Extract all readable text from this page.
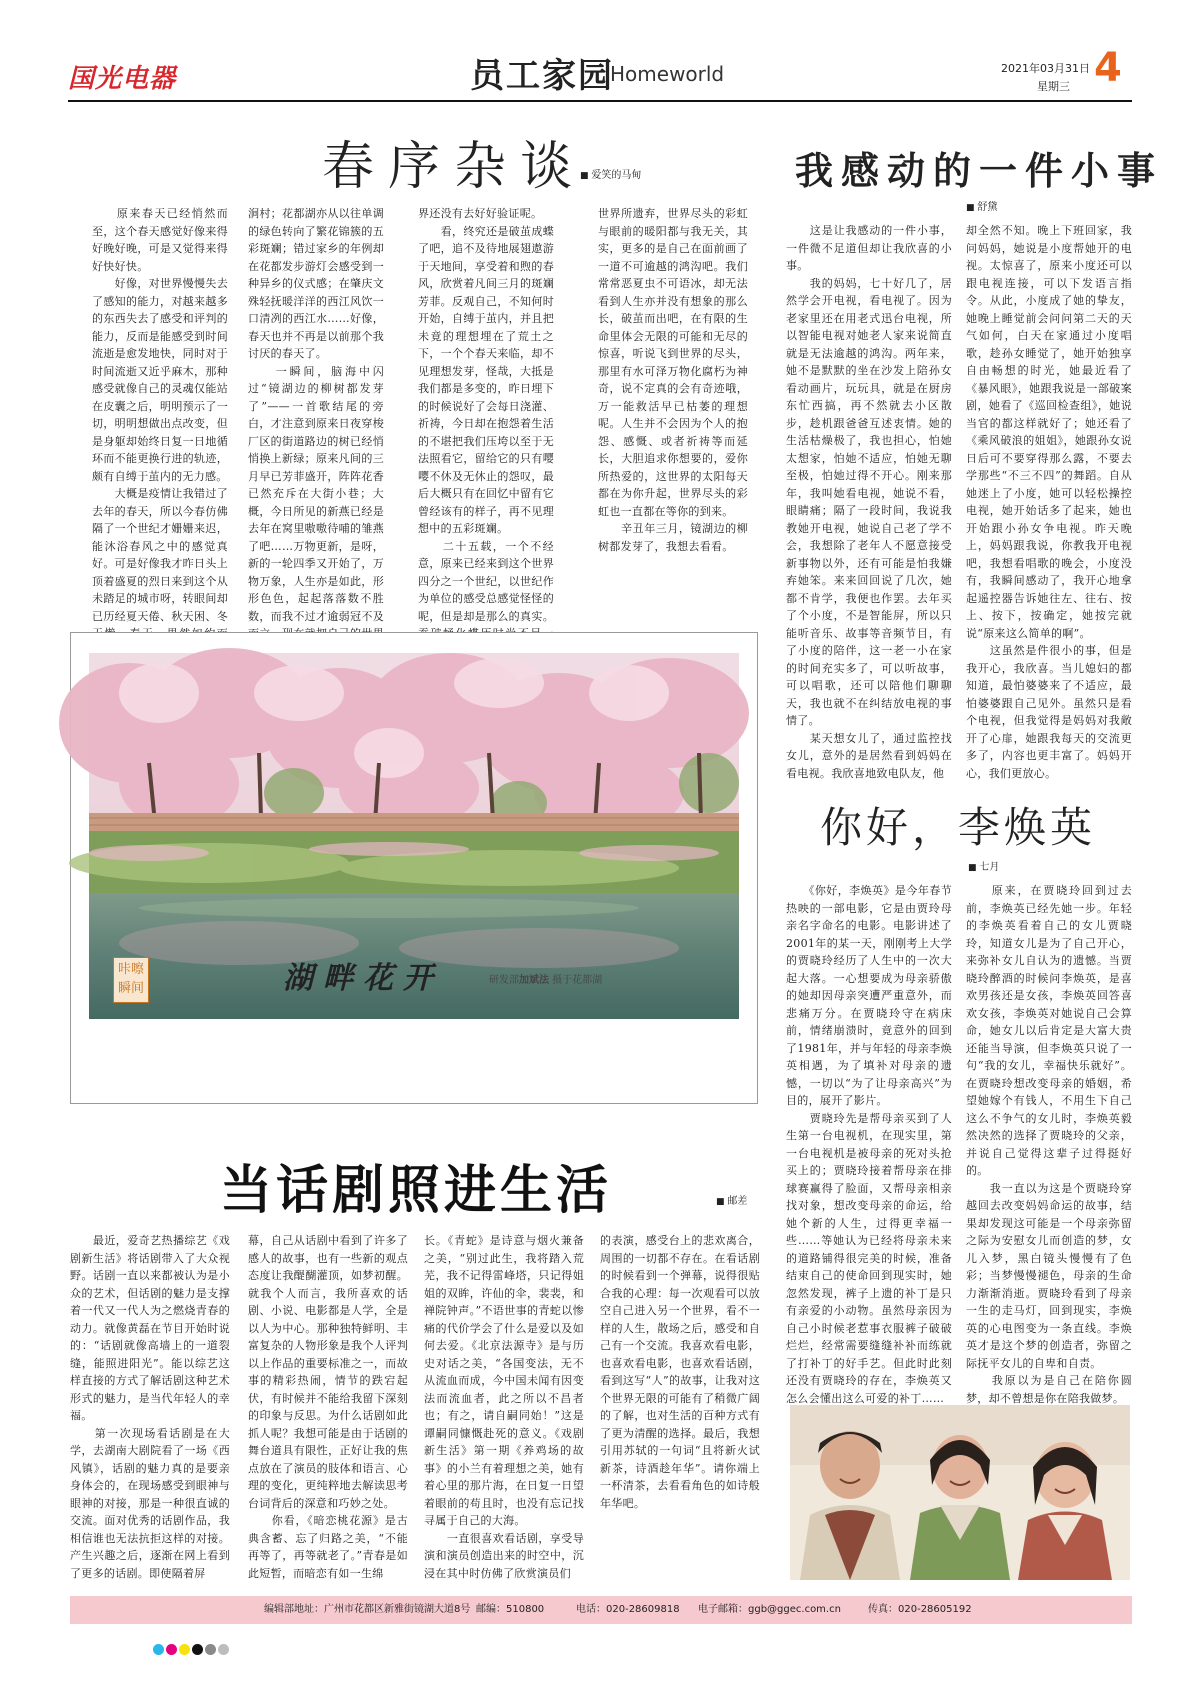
国光电器	员工家园
Homeworld	2021年03月31日
星期三 4
春序杂谈 ■ 爱笑的马甸
　　原来春天已经悄然而至，这个春天感觉好像来得好晚好晚，可是又觉得来得好快好快。
　　好像，对世界慢慢失去了感知的能力，对越来越多的东西失去了感受和评判的能力，反而是能感受到时间流逝是愈发地快，同时对于时间流逝又近乎麻木，那种感受就像自己的灵魂仅能站在皮囊之后，明明预示了一切，明明想做出点改变，但是身躯却始终日复一日地循环而不能更换行进的轨迹，颇有自缚于茧内的无力感。
　　大概是疫情让我错过了去年的春天，所以今春仿佛隔了一个世纪才姗姗来迟，能沐浴春风之中的感觉真好。可是好像我才昨日头上顶着盛夏的烈日来到这个从未踏足的城市呀，转眼间却已历经夏天倦、秋天困、冬
涧村；花都湖亦从以往单调的绿色转向了繁花锦簇的五彩斑斓；错过家乡的年例却在花都发步游灯会感受到一种异乡的仪式感；在肇庆文殊轻抚暖洋洋的西江风饮一口清冽的西江水……好像，春天也并不再是以前那个我讨厌的春天了。
　　一瞬间，脑海中闪过“镜湖边的柳树都发芽了”——一首歌结尾的旁白，才注意到原来日夜穿梭厂区的街道路边的树已经悄悄换上新绿；原来凡间的三月早已芳菲盛开，阵阵花香已然充斥在大街小巷；大概，今日所见的新燕已经是去年在窝里嗷嗷待哺的雏燕了吧……万物更新，是呀，新的一轮四季又开始了，万物万象，人生亦是如此，形形色色，起起落落数不胜数，而我不过才逾弱冠不及
界还没有去好好验证呢。
　　看，终究还是破茧成蝶了吧，追不及待地展翅遨游于天地间，享受着和煦的春风，欣赏着凡间三月的斑斓芳菲。反观自己，不知何时开始，自缚于茧内，并且把未竟的理想埋在了荒土之下，一个个春天来临，却不见理想发芽，怪哉，大抵是我们都是多变的，昨日埋下的时候说好了会每日浇灌、祈祷，今日却在抱怨着生活的不堪把我们压垮以至于无法照看它，留给它的只有嘤嘤不休及无休止的怨叹，最后大概只有在回忆中留有它曾经该有的样子，再不见理想中的五彩斑斓。
　　二十五载，一个不经意，原来已经来到这个世界四分之一个世纪，以世纪作为单位的感受总感觉怪怪的呢，但是却是那么的真实。
世界所遗弃，世界尽头的彩虹与眼前的暖阳都与我无关，其实，更多的是自己在面前画了一道不可逾越的鸿沟吧。我们常常恶夏虫不可语冰，却无法看到人生亦并没有想象的那么长，破茧而出吧，在有限的生命里体会无限的可能和无尽的惊喜，听说飞到世界的尽头，那里有水可泽万物化腐朽为神奇，说不定真的会有奇迹哦，万一能救活早已枯萎的理想呢。人生并不会因为个人的抱怨、感慨、或者祈祷等而延长，大胆追求你想要的，爱你所热爱的，这世界的太阳每天都在为你升起，世界尽头的彩虹也一直都在等你的到来。
　　辛丑年三月，镜湖边的柳树都发芽了，我想去看看。
我感动的一件小事
■ 舒黛
　　这是让我感动的一件小事，一件微不足道但却让我欣喜的小事。
　　我的妈妈，七十好几了，居然学会开电视，看电视了。因为老家里还在用老式迅台电视，所以智能电视对她老人家来说简直就是无法逾越的鸿沟。两年来，她不是默默的坐在沙发上陪孙女看动画片，玩玩具，就是在厨房东忙西搞，再不然就去小区散步，趁机跟爸爸互述衷情。她的生活枯燥极了，我也担心，怕她太想家，怕她不适应，怕她无聊至极，怕她过得不开心。刚来那年，我叫她看电视，她说不看，眼睛痛；隔了一段时间，我说我教她开电视，她说自己老了学不会，我想除了老年人不愿意接受新事物以外，还有可能是怕我嫌弃她笨。来来回回说了几次，她都不肯学，我便也作罢。去年买了个小度，不是智能屏，所以只能听音乐、故事等音频节目，有了小度的陪伴，这一老一小在家的时间充实多了，可以听故事，可以唱歌，还可以陪他们聊聊天，我也就不在纠结放电视的事情了。
　　某天想女儿了，通过监控找女儿，意外的是居然看到妈妈在看电视。我欣喜地致电队友，他
却全然不知。晚上下班回家，我问妈妈，她说是小度帮她开的电视。太惊喜了，原来小度还可以跟电视连接，可以下发语言指令。从此，小度成了她的挚友，她晚上睡觉前会问问第二天的天气如何，白天在家通过小度唱歌，趁孙女睡觉了，她开始独享自由畅想的时光，她最近看了《暴风眼》，她跟我说是一部破案剧，她看了《巡回检查组》，她说当官的都这样就好了；她还看了《乘风破浪的姐姐》，她跟孙女说日后可不要穿得那么露，不要去学那些“不三不四”的舞蹈。自从她迷上了小度，她可以轻松操控电视，她开始话多了起来，她也开始跟小孙女争电视。昨天晚上，妈妈跟我说，你教我开电视吧，我想看唱歌的晚会，小度没有，我瞬间感动了，我开心地拿起遥控器告诉她往左、往右、按上、按下，按确定，她按完就说“原来这么简单的啊”。
　　这虽然是件很小的事，但是我开心，我欣喜。当儿媳妇的都知道，最怕婆婆来了不适应，最怕婆婆跟自己见外。虽然只是看个电视，但我觉得是妈妈对我敞开了心扉，她跟我每天的交流更多了，内容也更丰富了。妈妈开心，我们更放心。
咔嚓
瞬间	湖畔花开	研发部加斌法 摄于花都湖
你好，李焕英
■ 七月
　　《你好，李焕英》是今年春节热映的一部电影，它是由贾玲母亲名字命名的电影。电影讲述了2001年的某一天，刚刚考上大学的贾晓玲经历了人生中的一次大起大落。一心想要成为母亲骄傲的她却因母亲突遭严重意外，而悲痛万分。在贾晓玲守在病床前，情绪崩溃时，竟意外的回到了1981年，并与年轻的母亲李焕英相遇，为了填补对母亲的遗憾，一切以“为了让母亲高兴”为目的，展开了影片。
　　贾晓玲先是帮母亲买到了人生第一台电视机，在现实里，第一台电视机是被母亲的死对头抢买上的；贾晓玲接着帮母亲在排球赛赢得了脸面，又帮母亲相亲找对象，想改变母亲的命运，给她个新的人生，过得更幸福一些……等她认为已经将母亲未来的道路铺得很完美的时候，准备结束自己的使命回到现实时，她忽然发现，裤子上遗的补丁是只有亲爱的小动物。虽然母亲因为自己小时候老惹事衣服裤子破破烂烂，经常需要缝缝补补而练就了打补丁的好手艺。但此时此刻还没有贾晓玲的存在，李焕英又怎么会懂出这么可爱的补丁……
　　原来，在贾晓玲回到过去前，李焕英已经先她一步。年轻的李焕英看着自己的女儿贾晓玲，知道女儿是为了自己开心，来弥补女儿自认为的遗憾。当贾晓玲醉酒的时候问李焕英，是喜欢男孩还是女孩，李焕英回答喜欢女孩，李焕英对她说自己会算命，她女儿以后肯定是大富大贵还能当导演，但李焕英只说了一句“我的女儿，幸福快乐就好”。在贾晓玲想改变母亲的婚姻，希望她嫁个有钱人，不用生下自己这么不争气的女儿时，李焕英毅然决然的选择了贾晓玲的父亲，并说自己觉得这辈子过得挺好的。
　　我一直以为这是个贾晓玲穿越回去改变妈妈命运的故事，结果却发现这可能是一个母亲弥留之际为安慰女儿而创造的梦，女儿入梦，黑白镜头慢慢有了色彩；当梦慢慢褪色，母亲的生命力渐渐消逝。贾晓玲看到了母亲一生的走马灯，回到现实，李焕英的心电图变为一条直线。李焕英才是这个梦的创造者，弥留之际抚平女儿的自卑和自责。
　　我原以为是自己在陪你圆梦，却不曾想是你在陪我做梦。
当话剧照进生活	■ 邮差
　　最近，爱奇艺热播综艺《戏剧新生活》将话剧带入了大众视野。话剧一直以来都被认为是小众的艺术，但话剧的魅力是支撑着一代又一代人为之燃烧青春的动力。就像黄磊在节目开始时说的：“话剧就像高墙上的一道裂缝，能照进阳光”。能以综艺这样直接的方式了解话剧这种艺术形式的魅力，是当代年轻人的幸福。
　　第一次现场看话剧是在大学，去湖南大剧院看了一场《西风镇》，话剧的魅力真的是要亲身体会的，在现场感受到眼神与眼神的对接，那是一种很直诚的交流。面对优秀的话剧作品，我相信谁也无法抗拒这样的对接。产生兴趣之后，逐渐在网上看到了更多的话剧。即使隔着屏
幕，自己从话剧中看到了许多了感人的故事，也有一些新的观点态度让我醍醐灌顶，如梦初醒。就我个人而言，我所喜欢的话剧、小说、电影都是人学，全是以人为中心。那种独特鲜明、丰富复杂的人物形象是我个人评判以上作品的重要标准之一，而故事的精彩热闹，情节的跌宕起伏，有时候并不能给我留下深刻的印象与反思。为什么话剧如此抓人呢？我想可能是由于话剧的舞台道具有限性，正好让我的焦点放在了演员的肢体和语言、心理的变化，更纯粹地去解读思考台词背后的深意和巧妙之处。
　　你看，《暗恋桃花源》是古典含蓄、忘了归路之美，“不能再等了，再等就老了。”青春是如此短暂，而暗恋有如一生绵
长。《青蛇》是诗意与烟火兼备之美，“别过此生，我将踏入荒芜，我不记得雷峰塔，只记得姐姐的双眸，许仙的伞，裴裴，和禅院钟声。”不语世事的青蛇以惨痛的代价学会了什么是爱以及如何去爱。《北京法源寺》是与历史对话之美，“各国变法，无不从流血而成，今中国未闻有因变法而流血者，此之所以不昌者也；有之，请自嗣同始！”这是谭嗣同慷慨赴死的意义。《戏剧新生活》第一期《养鸡场的故事》的小兰有着理想之美，她有着心里的那片海，在日复一日望着眼前的苟且时，也没有忘记找寻属于自己的大海。
　　一直很喜欢看话剧，享受导演和演员创造出来的时空中，沉浸在其中时仿佛了欣赏演员们
的表演，感受台上的悲欢离合，周围的一切都不存在。在看话剧的时候看到一个弹幕，说得很贴合我的心理：每一次观看可以放空自己进入另一个世界，看不一样的人生，散场之后，感受和自己有一个交流。我喜欢看电影，也喜欢看电影，也喜欢看话剧，看到这写“人”的故事，让我对这个世界无限的可能有了稍微广阔的了解，也对生活的百种方式有了更为清醒的选择。最后，我想引用苏轼的一句词“且将新火试新茶，诗酒趁年华”。请你端上一杯清茶，去看看角色的如诗般年华吧。
编辑部地址：广州市花都区新雅街镜湖大道8号 邮编：510800	电话：020-28609818 电子邮箱：ggb@ggec.com.cn	传真：020-28605192
